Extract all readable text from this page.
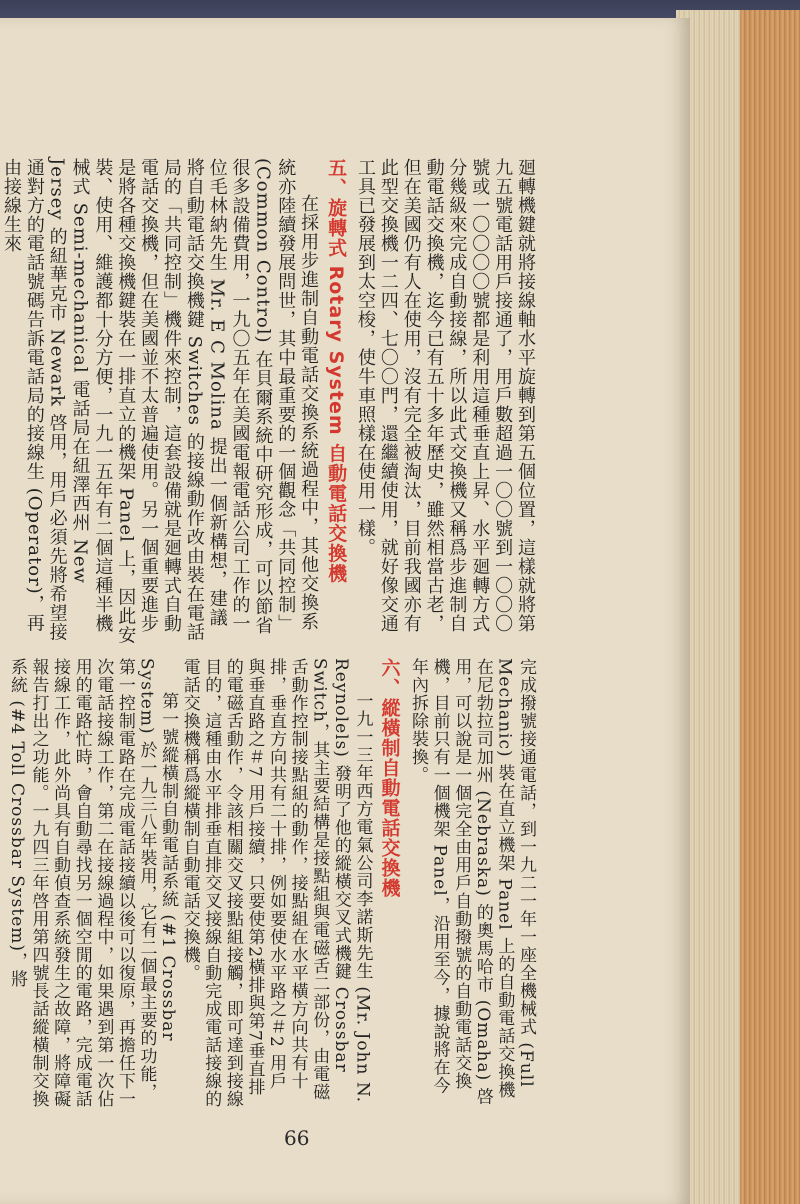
廻轉機鍵就將接線軸水平旋轉到第五個位置，這樣就將第九五號電話用戶接通了，用戶數超過一〇〇號到一〇〇〇號或一〇〇〇〇號都是利用這種垂直上昇、水平廻轉方式分幾級來完成自動接線，所以此式交換機又稱爲步進制自動電話交換機，迄今已有五十多年歷史，雖然相當古老，但在美國仍有人在使用，沒有完全被淘汰，目前我國亦有此型交換機一二四、七〇〇門，還繼續使用，就好像交通工具已發展到太空梭，使牛車照樣在使用一樣。

五、旋轉式 Rotary System 自動電話交換機

在採用步進制自動電話交換系統過程中，其他交換系統亦陸續發展問世，其中最重要的一個觀念「共同控制」(Common Control) 在貝爾系統中研究形成，可以節省很多設備費用，一九〇五年在美國電報電話公司工作的一位毛林納先生 Mr. E C Molina 提出一個新構想，建議將自動電話交換機鍵 Switches 的接線動作改由裝在電話局的「共同控制」機件來控制，這套設備就是廻轉式自動電話交換機，但在美國並不太普遍使用。另一個重要進步是將各種交換機鍵裝在一排直立的機架 Panel 上，因此安裝、使用、維護都十分方便，一九一五年有二個這種半機械式 Semi-mechanical 電話局在紐澤西州 New Jersey 的紐華克市 Newark 啓用，用戶必須先將希望接通對方的電話號碼告訴電話局的接線生 (Operator)，再由接線生來

完成撥號接通電話，到一九二一年一座全機械式 (Full Mechanic) 裝在直立機架 Panel 上的自動電話交換機在尼勃拉司加州 (Nebraska) 的奧馬哈市 (Omaha) 啓用，可以說是一個完全由用戶自動撥號的自動電話交換機，目前只有一個機架 Panel，沿用至今，據說將在今年內拆除裝換。

六、縱橫制自動電話交換機

一九一三年西方電氣公司李諾斯先生 (Mr. John N. Reynolels) 發明了他的縱橫交叉式機鍵 Crossbar Switch，其主要結構是接點組與電磁舌二部份，由電磁舌動作控制接點組的動作，接點組在水平橫方向共有十排，垂直方向共有二十排，例如要使水平路之＃2 用戶與垂直路之＃7 用戶接續，只要使第2橫排與第7垂直排的電磁舌動作，令該相關交叉接點組接觸，即可達到接線目的，這種由水平排垂直排交叉接線自動完成電話接線的電話交換機稱爲縱橫制自動電話交換機。

第一號縱橫制自動電話系統 (#1 Crossbar System) 於一九三八年裝用，它有二個最主要的功能，第一控制電路在完成電話接續以後可以復原，再擔任下一次電話接線工作，第二在接線過程中，如果遇到第一次佔用的電路忙時，會自動尋找另一個空閒的電路，完成電話接線工作，此外尚具有自動偵查系統發生之故障，將障礙報告打出之功能。一九四三年啓用第四號長話縱橫制交換系統 (#4 Toll Crossbar System)，將

66
